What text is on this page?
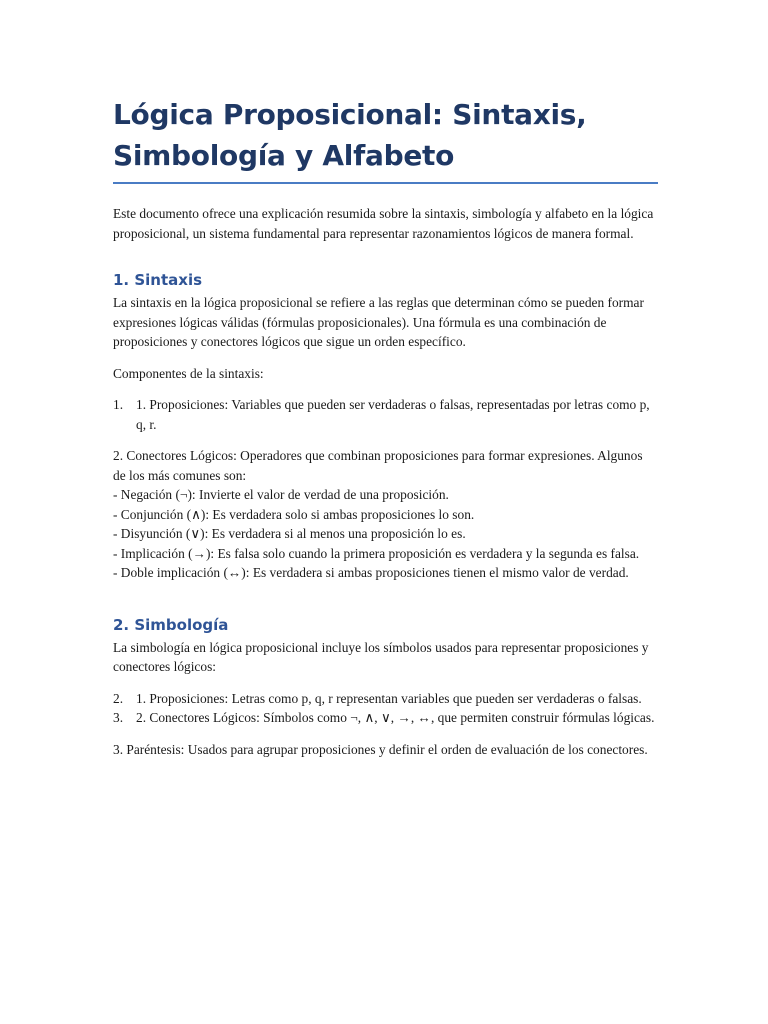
Lógica Proposicional: Sintaxis, Simbología y Alfabeto

Este documento ofrece una explicación resumida sobre la sintaxis, simbología y alfabeto en la lógica proposicional, un sistema fundamental para representar razonamientos lógicos de manera formal.

1. Sintaxis

La sintaxis en la lógica proposicional se refiere a las reglas que determinan cómo se pueden formar expresiones lógicas válidas (fórmulas proposicionales). Una fórmula es una combinación de proposiciones y conectores lógicos que sigue un orden específico.

Componentes de la sintaxis:

1. 1. Proposiciones: Variables que pueden ser verdaderas o falsas, representadas por letras como p, q, r.
2. Conectores Lógicos: Operadores que combinan proposiciones para formar expresiones. Algunos de los más comunes son:
- Negación (¬): Invierte el valor de verdad de una proposición.
- Conjunción (∧): Es verdadera solo si ambas proposiciones lo son.
- Disyunción (∨): Es verdadera si al menos una proposición lo es.
- Implicación (→): Es falsa solo cuando la primera proposición es verdadera y la segunda es falsa.
- Doble implicación (↔): Es verdadera si ambas proposiciones tienen el mismo valor de verdad.
2. Simbología

La simbología en lógica proposicional incluye los símbolos usados para representar proposiciones y conectores lógicos:

2. 1. Proposiciones: Letras como p, q, r representan variables que pueden ser verdaderas o falsas.
3. 2. Conectores Lógicos: Símbolos como ¬, ∧, ∨, →, ↔, que permiten construir fórmulas lógicas.

3. Paréntesis: Usados para agrupar proposiciones y definir el orden de evaluación de los conectores.
